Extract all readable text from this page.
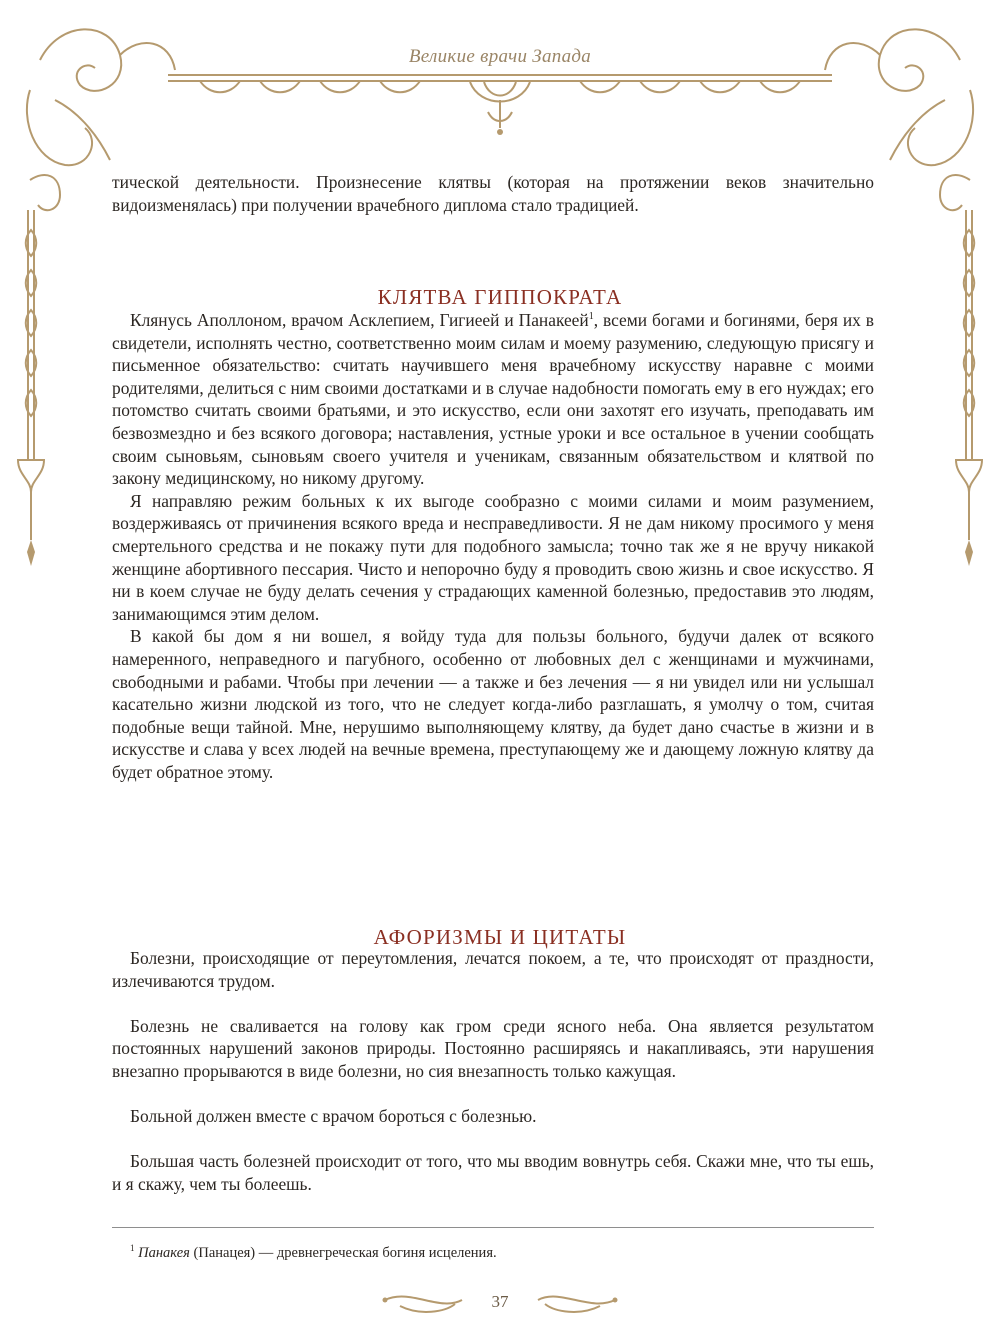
Великие врачи Запада

тической деятельности. Произнесение клятвы (которая на протяжении веков значительно видоизменялась) при получении врачебного диплома стало традицией.

КЛЯТВА ГИППОКРАТА

Клянусь Аполлоном, врачом Асклепием, Гигиеей и Панакеей$^1$, всеми богами и богинями, беря их в свидетели, исполнять честно, соответственно моим силам и моему разумению, следующую присягу и письменное обязательство: считать научившего меня врачебному искусству наравне с моими родителями, делиться с ним своими достатками и в случае надобности помогать ему в его нуждах; его потомство считать своими братьями, и это искусство, если они захотят его изучать, преподавать им безвозмездно и без всякого договора; наставления, устные уроки и все остальное в учении сообщать своим сыновьям, сыновьям своего учителя и ученикам, связанным обязательством и клятвой по закону медицинскому, но никому другому.

Я направляю режим больных к их выгоде сообразно с моими силами и моим разумением, воздерживаясь от причинения всякого вреда и несправедливости. Я не дам никому просимого у меня смертельного средства и не покажу пути для подобного замысла; точно так же я не вручу никакой женщине абортивного пессария. Чисто и непорочно буду я проводить свою жизнь и свое искусство. Я ни в коем случае не буду делать сечения у страдающих каменной болезнью, предоставив это людям, занимающимся этим делом.

В какой бы дом я ни вошел, я войду туда для пользы больного, будучи далек от всякого намеренного, неправедного и пагубного, особенно от любовных дел с женщинами и мужчинами, свободными и рабами. Чтобы при лечении — а также и без лечения — я ни увидел или ни услышал касательно жизни людской из того, что не следует когда-либо разглашать, я умолчу о том, считая подобные вещи тайной. Мне, нерушимо выполняющему клятву, да будет дано счастье в жизни и в искусстве и слава у всех людей на вечные времена, преступающему же и дающему ложную клятву да будет обратное этому.

АФОРИЗМЫ И ЦИТАТЫ

Болезни, происходящие от переутомления, лечатся покоем, а те, что происходят от праздности, излечиваются трудом.

Болезнь не сваливается на голову как гром среди ясного неба. Она является результатом постоянных нарушений законов природы. Постоянно расширяясь и накапливаясь, эти нарушения внезапно прорываются в виде болезни, но сия внезапность только кажущая.

Больной должен вместе с врачом бороться с болезнью.

Большая часть болезней происходит от того, что мы вводим вовнутрь себя. Скажи мне, что ты ешь, и я скажу, чем ты болеешь.

$^1$ Панакея (Панацея) — древнегреческая богиня исцеления.
37
